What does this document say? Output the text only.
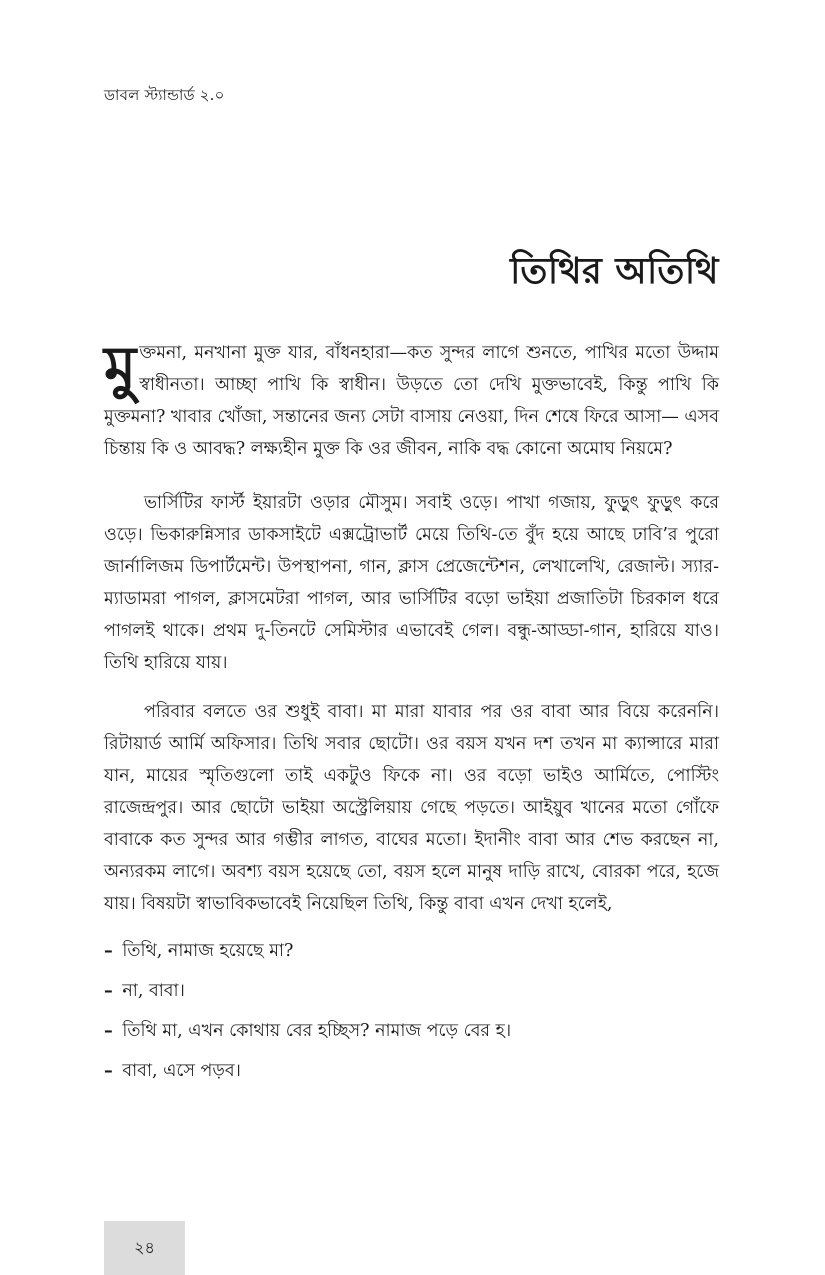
ডাবল স্ট্যান্ডার্ড ২.০
তিথির অতিথি

মুক্তমনা, মনখানা মুক্ত যার, বাঁধনহারা—কত সুন্দর লাগে শুনতে, পাখির মতো উদ্দাম স্বাধীনতা। আচ্ছা পাখি কি স্বাধীন। উড়তে তো দেখি মুক্তভাবেই, কিন্তু পাখি কি মুক্তমনা? খাবার খোঁজা, সন্তানের জন্য সেটা বাসায় নেওয়া, দিন শেষে ফিরে আসা— এসব চিন্তায় কি ও আবদ্ধ? লক্ষ্যহীন মুক্ত কি ওর জীবন, নাকি বদ্ধ কোনো অমোঘ নিয়মে?

ভার্সিটির ফার্স্ট ইয়ারটা ওড়ার মৌসুম। সবাই ওড়ে। পাখা গজায়, ফুড়ুৎ ফুড়ুৎ করে ওড়ে। ভিকারুন্নিসার ডাকসাইটে এক্সট্রোভার্ট মেয়ে তিথি-তে বুঁদ হয়ে আছে ঢাবি’র পুরো জার্নালিজম ডিপার্টমেন্ট। উপস্থাপনা, গান, ক্লাস প্রেজেন্টেশন, লেখালেখি, রেজাল্ট। স্যার-ম্যাডামরা পাগল, ক্লাসমেটরা পাগল, আর ভার্সিটির বড়ো ভাইয়া প্রজাতিটা চিরকাল ধরে পাগলই থাকে। প্রথম দু-তিনটে সেমিস্টার এভাবেই গেল। বন্ধু-আড্ডা-গান, হারিয়ে যাও। তিথি হারিয়ে যায়।

পরিবার বলতে ওর শুধুই বাবা। মা মারা যাবার পর ওর বাবা আর বিয়ে করেননি। রিটায়ার্ড আর্মি অফিসার। তিথি সবার ছোটো। ওর বয়স যখন দশ তখন মা ক্যান্সারে মারা যান, মায়ের স্মৃতিগুলো তাই একটুও ফিকে না। ওর বড়ো ভাইও আর্মিতে, পোস্টিং রাজেন্দ্রপুর। আর ছোটো ভাইয়া অস্ট্রেলিয়ায় গেছে পড়তে। আইয়ুব খানের মতো গোঁফে বাবাকে কত সুন্দর আর গম্ভীর লাগত, বাঘের মতো। ইদানীং বাবা আর শেভ করছেন না, অন্যরকম লাগে। অবশ্য বয়স হয়েছে তো, বয়স হলে মানুষ দাড়ি রাখে, বোরকা পরে, হজে যায়। বিষয়টা স্বাভাবিকভাবেই নিয়েছিল তিথি, কিন্তু বাবা এখন দেখা হলেই,

– তিথি, নামাজ হয়েছে মা?

– না, বাবা।

– তিথি মা, এখন কোথায় বের হচ্ছিস? নামাজ পড়ে বের হ।

– বাবা, এসে পড়ব।

২৪
